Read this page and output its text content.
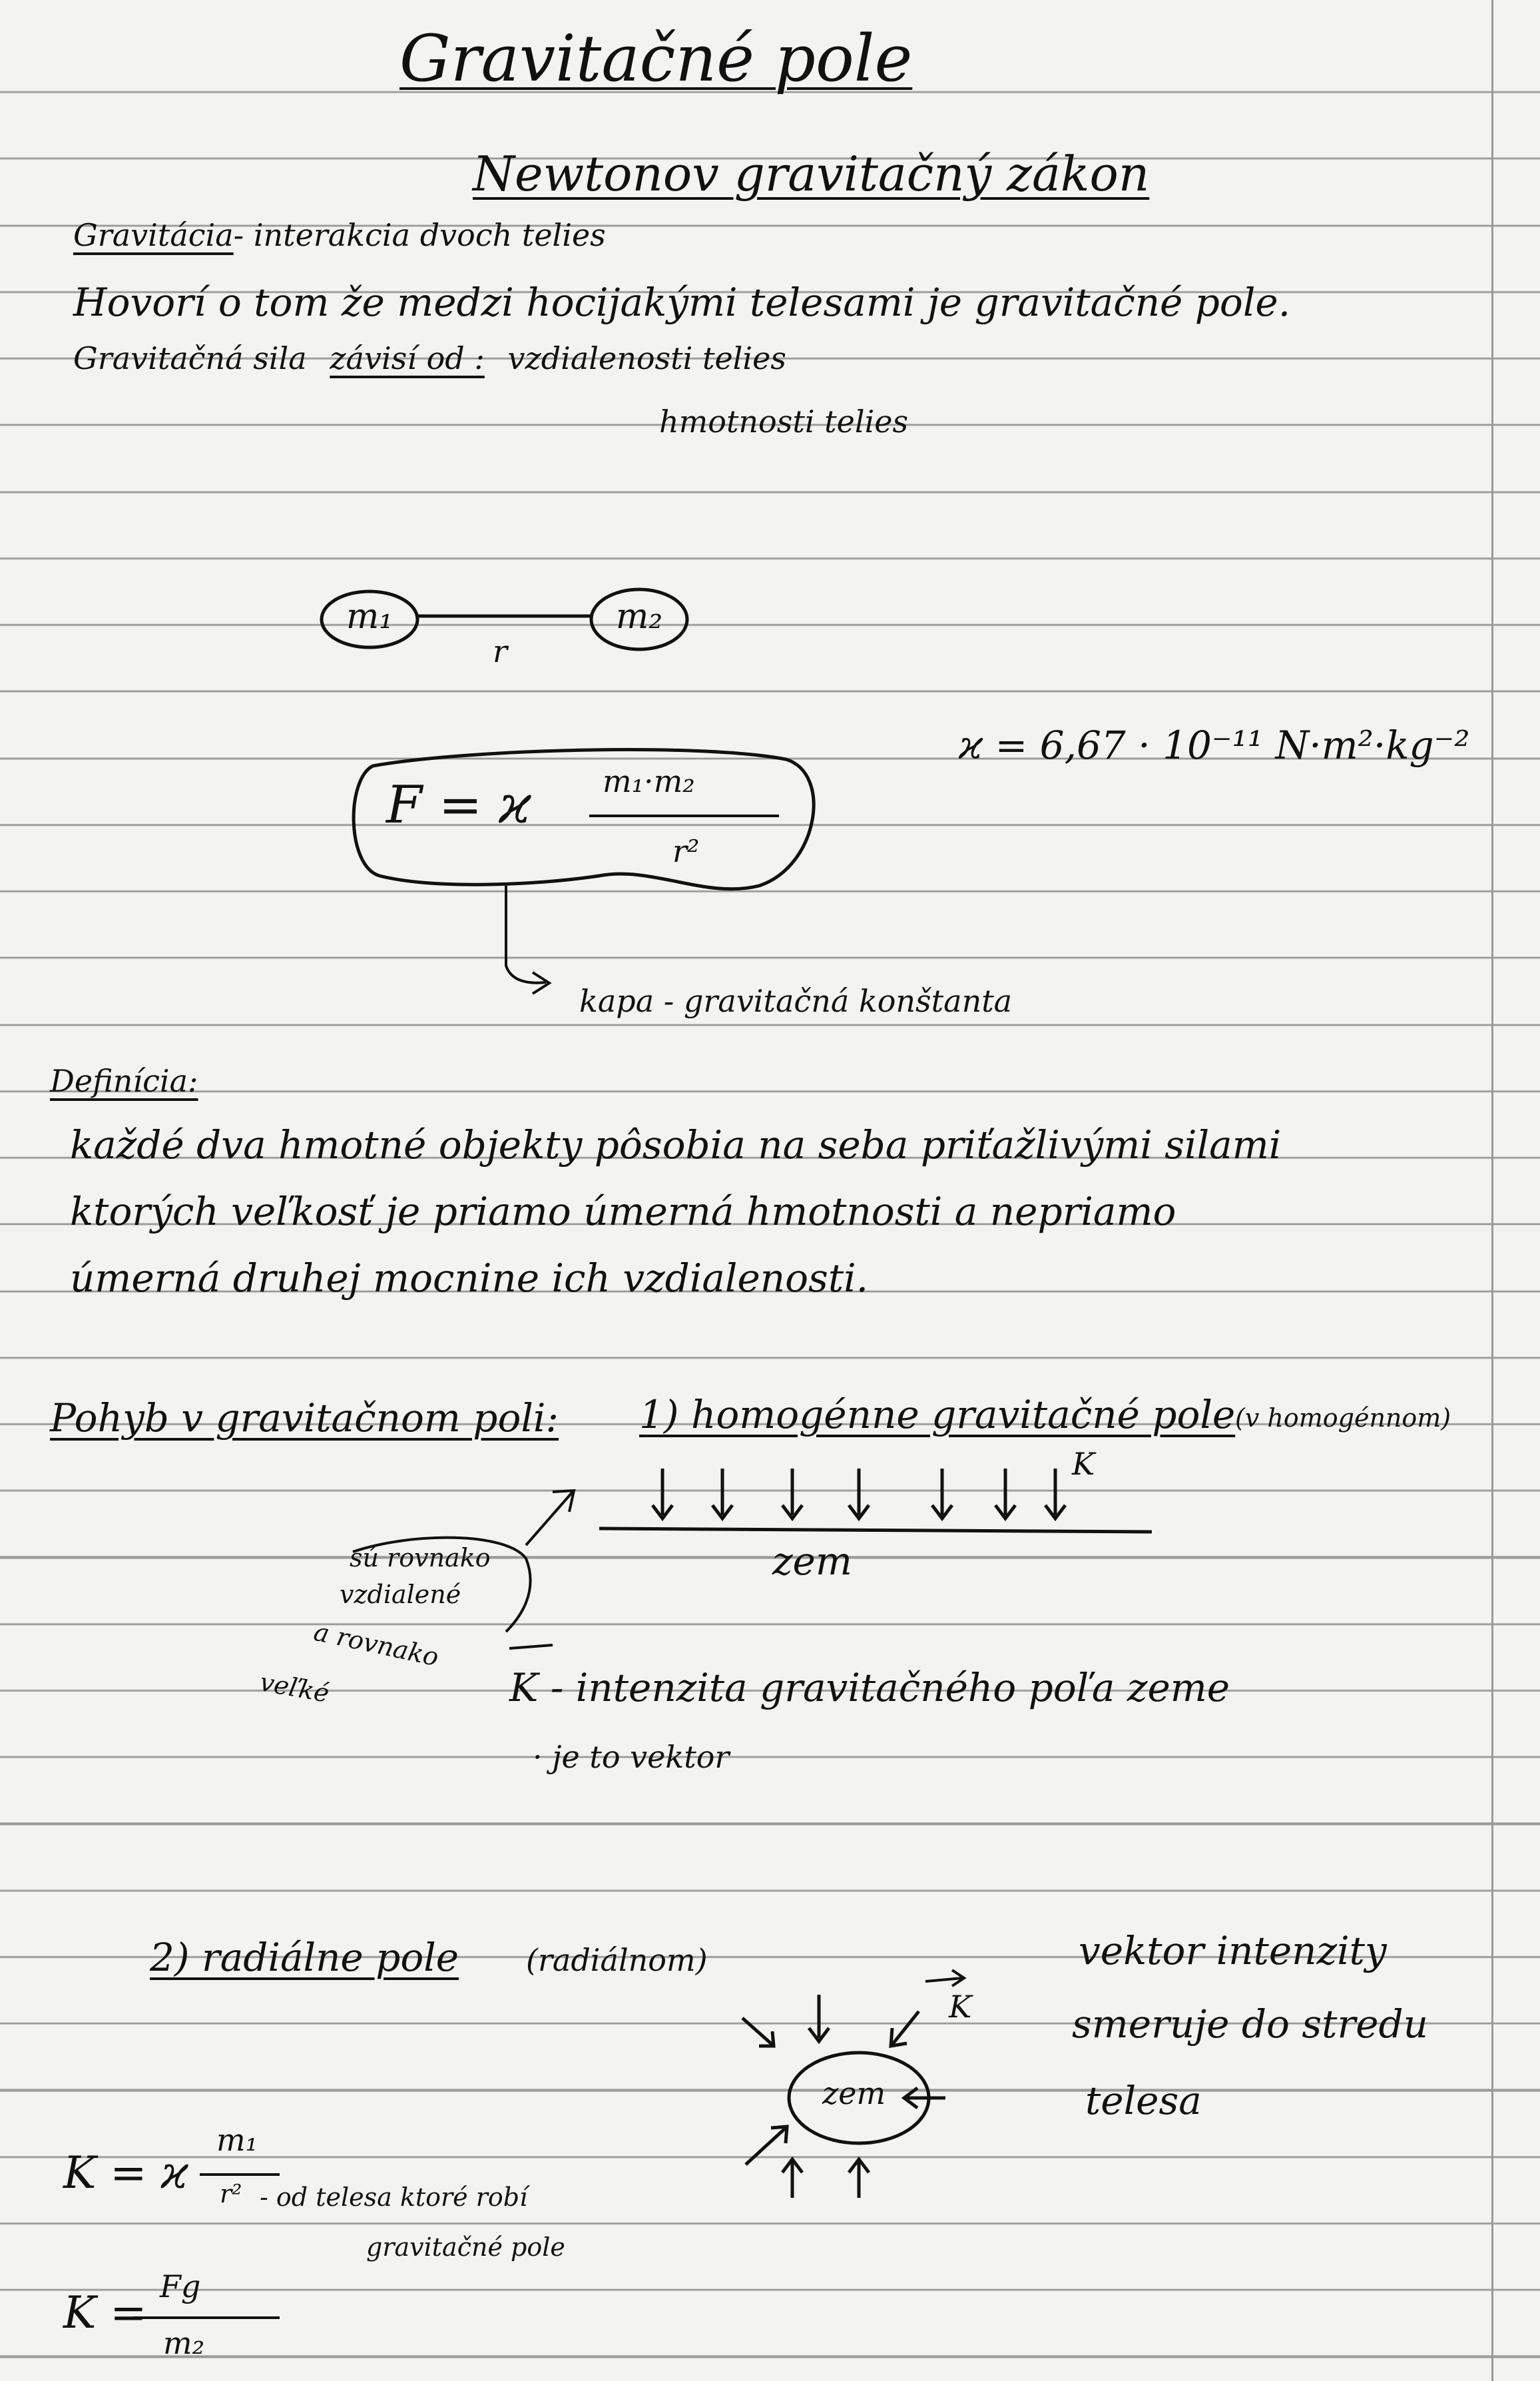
Gravitačné pole
Newtonov gravitačný zákon
Gravitácia- interakcia dvoch telies
Hovorí o tom že medzi hocijakými telesami je gravitačné pole.
Gravitačná sila závisí od : vzdialenosti telies
hmotnosti telies
m₁	m₂
r
F = ϰ m₁·m₂
r²
ϰ = 6,67 · 10⁻¹¹ N·m²·kg⁻²
kapa - gravitačná konštanta
Definícia:
každé dva hmotné objekty pôsobia na seba priťažlivými silami
ktorých veľkosť je priamo úmerná hmotnosti a nepriamo
úmerná druhej mocnine ich vzdialenosti.
Pohyb v gravitačnom poli: 1) homogénne gravitačné pole (v homogénnom)
K
zem
sú rovnako
vzdialené
a rovnako
veľké	K - intenzita gravitačného poľa zeme
· je to vektor
2) radiálne pole (radiálnom)
K
zem
vektor intenzity
smeruje do stredu
telesa
K = ϰ
m₁
r² - od telesa ktoré robí
gravitačné pole
K =
Fg
m₂
